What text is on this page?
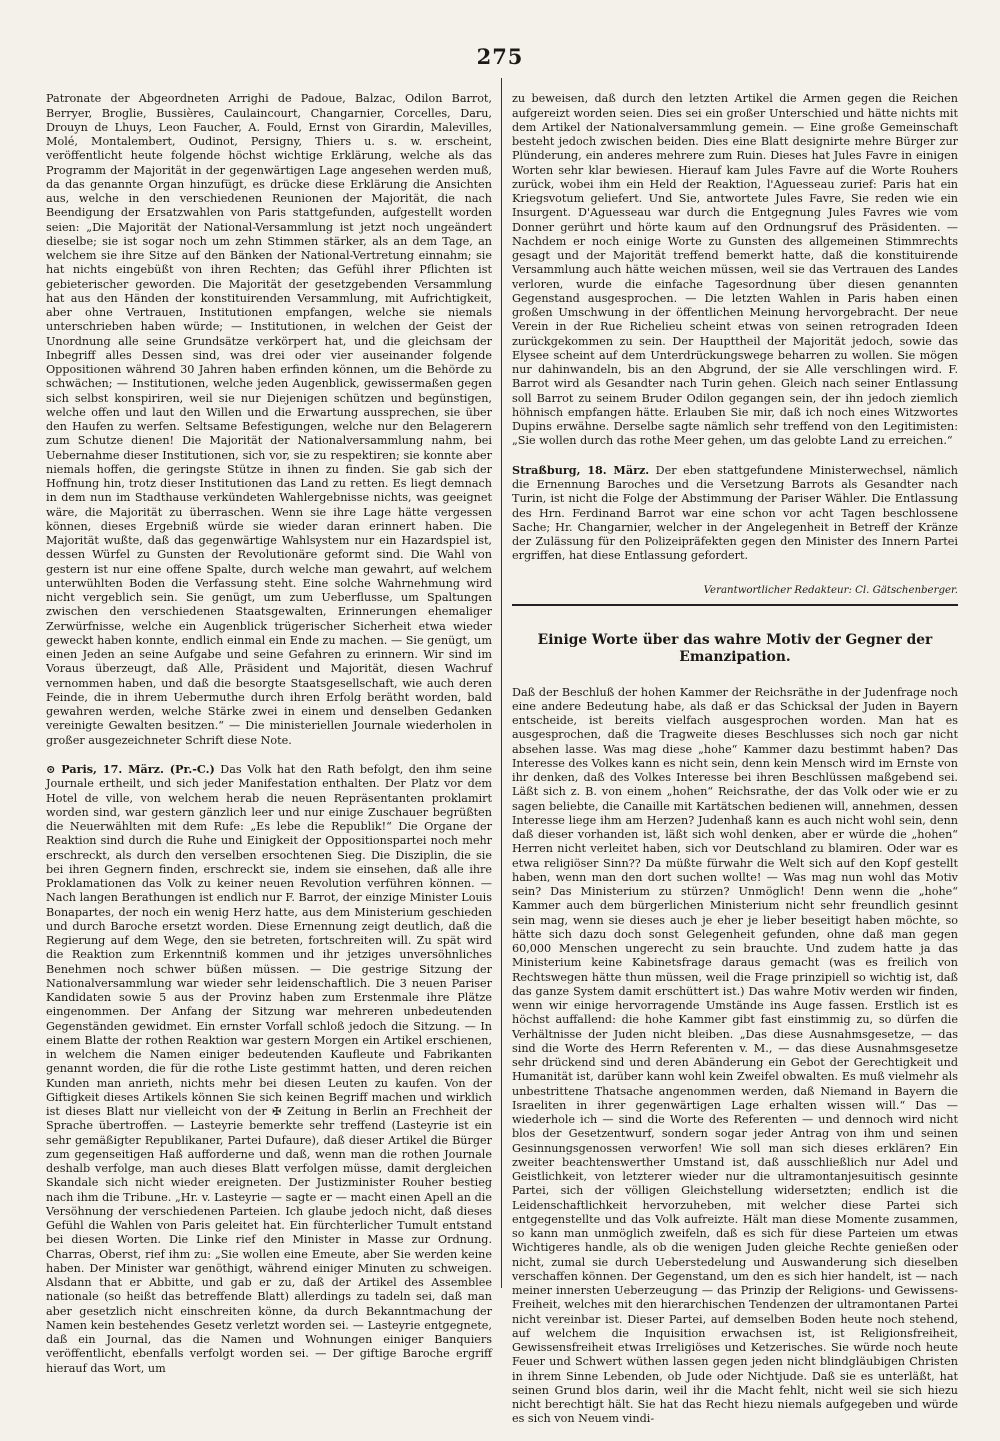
275

Patronate der Abgeordneten Arrighi de Padoue, Balzac, Odilon Barrot, Berryer, Broglie, Bussières, Caulaincourt, Changarnier, Corcelles, Daru, Drouyn de Lhuys, Leon Faucher, A. Fould, Ernst von Girardin, Malevilles, Molé, Montalembert, Oudinot, Persigny, Thiers u. s. w. erscheint, veröffentlicht heute folgende höchst wichtige Erklärung, welche als das Programm der Majorität in der gegenwärtigen Lage angesehen werden muß, da das genannte Organ hinzufügt, es drücke diese Erklärung die Ansichten aus, welche in den verschiedenen Reunionen der Majorität, die nach Beendigung der Ersatzwahlen von Paris stattgefunden, aufgestellt worden seien: „Die Majorität der National-Versammlung ist jetzt noch ungeändert dieselbe; sie ist sogar noch um zehn Stimmen stärker, als an dem Tage, an welchem sie ihre Sitze auf den Bänken der National-Vertretung einnahm; sie hat nichts eingebüßt von ihren Rechten; das Gefühl ihrer Pflichten ist gebieterischer geworden. Die Majorität der gesetzgebenden Versammlung hat aus den Händen der konstituirenden Versammlung, mit Aufrichtigkeit, aber ohne Vertrauen, Institutionen empfangen, welche sie niemals unterschrieben haben würde; — Institutionen, in welchen der Geist der Unordnung alle seine Grundsätze verkörpert hat, und die gleichsam der Inbegriff alles Dessen sind, was drei oder vier auseinander folgende Oppositionen während 30 Jahren haben erfinden können, um die Behörde zu schwächen; — Institutionen, welche jeden Augenblick, gewissermaßen gegen sich selbst konspiriren, weil sie nur Diejenigen schützen und begünstigen, welche offen und laut den Willen und die Erwartung aussprechen, sie über den Haufen zu werfen. Seltsame Befestigungen, welche nur den Belagerern zum Schutze dienen! Die Majorität der Nationalversammlung nahm, bei Uebernahme dieser Institutionen, sich vor, sie zu respektiren; sie konnte aber niemals hoffen, die geringste Stütze in ihnen zu finden. Sie gab sich der Hoffnung hin, trotz dieser Institutionen das Land zu retten. Es liegt demnach in dem nun im Stadthause verkündeten Wahlergebnisse nichts, was geeignet wäre, die Majorität zu überraschen. Wenn sie ihre Lage hätte vergessen können, dieses Ergebniß würde sie wieder daran erinnert haben. Die Majorität wußte, daß das gegenwärtige Wahlsystem nur ein Hazardspiel ist, dessen Würfel zu Gunsten der Revolutionäre geformt sind. Die Wahl von gestern ist nur eine offene Spalte, durch welche man gewahrt, auf welchem unterwühlten Boden die Verfassung steht. Eine solche Wahrnehmung wird nicht vergeblich sein. Sie genügt, um zum Ueberflusse, um Spaltungen zwischen den verschiedenen Staatsgewalten, Erinnerungen ehemaliger Zerwürfnisse, welche ein Augenblick trügerischer Sicherheit etwa wieder geweckt haben konnte, endlich einmal ein Ende zu machen. — Sie genügt, um einen Jeden an seine Aufgabe und seine Gefahren zu erinnern. Wir sind im Voraus überzeugt, daß Alle, Präsident und Majorität, diesen Wachruf vernommen haben, und daß die besorgte Staatsgesellschaft, wie auch deren Feinde, die in ihrem Uebermuthe durch ihren Erfolg berätht worden, bald gewahren werden, welche Stärke zwei in einem und denselben Gedanken vereinigte Gewalten besitzen.“ — Die ministeriellen Journale wiederholen in großer ausgezeichneter Schrift diese Note.

⊙ Paris, 17. März. (Pr.-C.) Das Volk hat den Rath befolgt, den ihm seine Journale ertheilt, und sich jeder Manifestation enthalten. Der Platz vor dem Hotel de ville, von welchem herab die neuen Repräsentanten proklamirt worden sind, war gestern gänzlich leer und nur einige Zuschauer begrüßten die Neuerwählten mit dem Rufe: „Es lebe die Republik!“ Die Organe der Reaktion sind durch die Ruhe und Einigkeit der Oppositionspartei noch mehr erschreckt, als durch den verselben ersochtenen Sieg. Die Disziplin, die sie bei ihren Gegnern finden, erschreckt sie, indem sie einsehen, daß alle ihre Proklamationen das Volk zu keiner neuen Revolution verführen können. — Nach langen Berathungen ist endlich nur F. Barrot, der einzige Minister Louis Bonapartes, der noch ein wenig Herz hatte, aus dem Ministerium geschieden und durch Baroche ersetzt worden. Diese Ernennung zeigt deutlich, daß die Regierung auf dem Wege, den sie betreten, fortschreiten will. Zu spät wird die Reaktion zum Erkenntniß kommen und ihr jetziges unversöhnliches Benehmen noch schwer büßen müssen. — Die gestrige Sitzung der Nationalversammlung war wieder sehr leidenschaftlich. Die 3 neuen Pariser Kandidaten sowie 5 aus der Provinz haben zum Erstenmale ihre Plätze eingenommen. Der Anfang der Sitzung war mehreren unbedeutenden Gegenständen gewidmet. Ein ernster Vorfall schloß jedoch die Sitzung. — In einem Blatte der rothen Reaktion war gestern Morgen ein Artikel erschienen, in welchem die Namen einiger bedeutenden Kaufleute und Fabrikanten genannt worden, die für die rothe Liste gestimmt hatten, und deren reichen Kunden man anrieth, nichts mehr bei diesen Leuten zu kaufen. Von der Giftigkeit dieses Artikels können Sie sich keinen Begriff machen und wirklich ist dieses Blatt nur vielleicht von der ✠ Zeitung in Berlin an Frechheit der Sprache übertroffen. — Lasteyrie bemerkte sehr treffend (Lasteyrie ist ein sehr gemäßigter Republikaner, Partei Dufaure), daß dieser Artikel die Bürger zum gegenseitigen Haß aufforderne und daß, wenn man die rothen Journale deshalb verfolge, man auch dieses Blatt verfolgen müsse, damit dergleichen Skandale sich nicht wieder ereigneten. Der Justizminister Rouher bestieg nach ihm die Tribune. „Hr. v. Lasteyrie — sagte er — macht einen Apell an die Versöhnung der verschiedenen Parteien. Ich glaube jedoch nicht, daß dieses Gefühl die Wahlen von Paris geleitet hat. Ein fürchterlicher Tumult entstand bei diesen Worten. Die Linke rief den Minister in Masse zur Ordnung. Charras, Oberst, rief ihm zu: „Sie wollen eine Emeute, aber Sie werden keine haben. Der Minister war genöthigt, während einiger Minuten zu schweigen. Alsdann that er Abbitte, und gab er zu, daß der Artikel des Assemblee nationale (so heißt das betreffende Blatt) allerdings zu tadeln sei, daß man aber gesetzlich nicht einschreiten könne, da durch Bekanntmachung der Namen kein bestehendes Gesetz verletzt worden sei. — Lasteyrie entgegnete, daß ein Journal, das die Namen und Wohnungen einiger Banquiers veröffentlicht, ebenfalls verfolgt worden sei. — Der giftige Baroche ergriff hierauf das Wort, um

zu beweisen, daß durch den letzten Artikel die Armen gegen die Reichen aufgereizt worden seien. Dies sei ein großer Unterschied und hätte nichts mit dem Artikel der Nationalversammlung gemein. — Eine große Gemeinschaft besteht jedoch zwischen beiden. Dies eine Blatt designirte mehre Bürger zur Plünderung, ein anderes mehrere zum Ruin. Dieses hat Jules Favre in einigen Worten sehr klar bewiesen. Hierauf kam Jules Favre auf die Worte Rouhers zurück, wobei ihm ein Held der Reaktion, l'Aguesseau zurief: Paris hat ein Kriegsvotum geliefert. Und Sie, antwortete Jules Favre, Sie reden wie ein Insurgent. D'Aguesseau war durch die Entgegnung Jules Favres wie vom Donner gerührt und hörte kaum auf den Ordnungsruf des Präsidenten. — Nachdem er noch einige Worte zu Gunsten des allgemeinen Stimmrechts gesagt und der Majorität treffend bemerkt hatte, daß die konstituirende Versammlung auch hätte weichen müssen, weil sie das Vertrauen des Landes verloren, wurde die einfache Tagesordnung über diesen genannten Gegenstand ausgesprochen. — Die letzten Wahlen in Paris haben einen großen Umschwung in der öffentlichen Meinung hervorgebracht. Der neue Verein in der Rue Richelieu scheint etwas von seinen retrograden Ideen zurückgekommen zu sein. Der Haupttheil der Majorität jedoch, sowie das Elysee scheint auf dem Unterdrückungswege beharren zu wollen. Sie mögen nur dahinwandeln, bis an den Abgrund, der sie Alle verschlingen wird. F. Barrot wird als Gesandter nach Turin gehen. Gleich nach seiner Entlassung soll Barrot zu seinem Bruder Odilon gegangen sein, der ihn jedoch ziemlich höhnisch empfangen hätte. Erlauben Sie mir, daß ich noch eines Witzwortes Dupins erwähne. Derselbe sagte nämlich sehr treffend von den Legitimisten: „Sie wollen durch das rothe Meer gehen, um das gelobte Land zu erreichen.“

Straßburg, 18. März. Der eben stattgefundene Ministerwechsel, nämlich die Ernennung Baroches und die Versetzung Barrots als Gesandter nach Turin, ist nicht die Folge der Abstimmung der Pariser Wähler. Die Entlassung des Hrn. Ferdinand Barrot war eine schon vor acht Tagen beschlossene Sache; Hr. Changarnier, welcher in der Angelegenheit in Betreff der Kränze der Zulässung für den Polizeipräfekten gegen den Minister des Innern Partei ergriffen, hat diese Entlassung gefordert.

Verantwortlicher Redakteur: Cl. Gätschenberger.

Einige Worte über das wahre Motiv der Gegner der Emanzipation.

Daß der Beschluß der hohen Kammer der Reichsräthe in der Judenfrage noch eine andere Bedeutung habe, als daß er das Schicksal der Juden in Bayern entscheide, ist bereits vielfach ausgesprochen worden. Man hat es ausgesprochen, daß die Tragweite dieses Beschlusses sich noch gar nicht absehen lasse. Was mag diese „hohe“ Kammer dazu bestimmt haben? Das Interesse des Volkes kann es nicht sein, denn kein Mensch wird im Ernste von ihr denken, daß des Volkes Interesse bei ihren Beschlüssen maßgebend sei. Läßt sich z. B. von einem „hohen“ Reichsrathe, der das Volk oder wie er zu sagen beliebte, die Canaille mit Kartätschen bedienen will, annehmen, dessen Interesse liege ihm am Herzen? Judenhaß kann es auch nicht wohl sein, denn daß dieser vorhanden ist, läßt sich wohl denken, aber er würde die „hohen“ Herren nicht verleitet haben, sich vor Deutschland zu blamiren. Oder war es etwa religiöser Sinn?? Da müßte fürwahr die Welt sich auf den Kopf gestellt haben, wenn man den dort suchen wollte! — Was mag nun wohl das Motiv sein? Das Ministerium zu stürzen? Unmöglich! Denn wenn die „hohe“ Kammer auch dem bürgerlichen Ministerium nicht sehr freundlich gesinnt sein mag, wenn sie dieses auch je eher je lieber beseitigt haben möchte, so hätte sich dazu doch sonst Gelegenheit gefunden, ohne daß man gegen 60,000 Menschen ungerecht zu sein brauchte. Und zudem hatte ja das Ministerium keine Kabinetsfrage daraus gemacht (was es freilich von Rechtswegen hätte thun müssen, weil die Frage prinzipiell so wichtig ist, daß das ganze System damit erschüttert ist.) Das wahre Motiv werden wir finden, wenn wir einige hervorragende Umstände ins Auge fassen. Erstlich ist es höchst auffallend: die hohe Kammer gibt fast einstimmig zu, so dürfen die Verhältnisse der Juden nicht bleiben. „Das diese Ausnahmsgesetze, — das sind die Worte des Herrn Referenten v. M., — das diese Ausnahmsgesetze sehr drückend sind und deren Abänderung ein Gebot der Gerechtigkeit und Humanität ist, darüber kann wohl kein Zweifel obwalten. Es muß vielmehr als unbestrittene Thatsache angenommen werden, daß Niemand in Bayern die Israeliten in ihrer gegenwärtigen Lage erhalten wissen will.“ Das — wiederhole ich — sind die Worte des Referenten — und dennoch wird nicht blos der Gesetzentwurf, sondern sogar jeder Antrag von ihm und seinen Gesinnungsgenossen verworfen! Wie soll man sich dieses erklären? Ein zweiter beachtenswerther Umstand ist, daß ausschließlich nur Adel und Geistlichkeit, von letzterer wieder nur die ultramontanjesuitisch gesinnte Partei, sich der völligen Gleichstellung widersetzten; endlich ist die Leidenschaftlichkeit hervorzuheben, mit welcher diese Partei sich entgegenstellte und das Volk aufreizte. Hält man diese Momente zusammen, so kann man unmöglich zweifeln, daß es sich für diese Parteien um etwas Wichtigeres handle, als ob die wenigen Juden gleiche Rechte genießen oder nicht, zumal sie durch Ueberstedelung und Auswanderung sich dieselben verschaffen können. Der Gegenstand, um den es sich hier handelt, ist — nach meiner innersten Ueberzeugung — das Prinzip der Religions- und Gewissens-Freiheit, welches mit den hierarchischen Tendenzen der ultramontanen Partei nicht vereinbar ist. Dieser Partei, auf demselben Boden heute noch stehend, auf welchem die Inquisition erwachsen ist, ist Religionsfreiheit, Gewissensfreiheit etwas Irreligiöses und Ketzerisches. Sie würde noch heute Feuer und Schwert wüthen lassen gegen jeden nicht blindgläubigen Christen in ihrem Sinne Lebenden, ob Jude oder Nichtjude. Daß sie es unterläßt, hat seinen Grund blos darin, weil ihr die Macht fehlt, nicht weil sie sich hiezu nicht berechtigt hält. Sie hat das Recht hiezu niemals aufgegeben und würde es sich von Neuem vindi-
